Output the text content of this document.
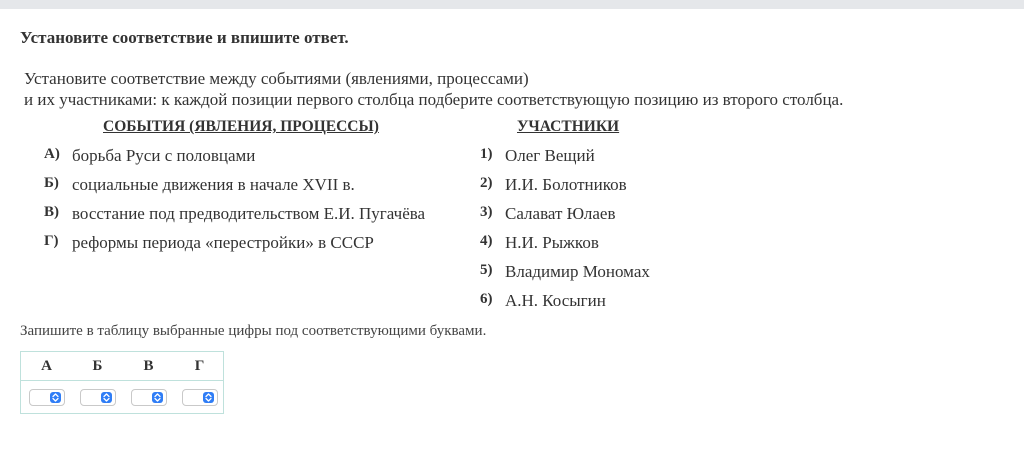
Установите соответствие и впишите ответ.
Установите соответствие между событиями (явлениями, процессами)
и их участниками: к каждой позиции первого столбца подберите соответствующую позицию из второго столбца.
СОБЫТИЯ (ЯВЛЕНИЯ, ПРОЦЕССЫ)	УЧАСТНИКИ
А) борьба Руси с половцами
Б) социальные движения в начале XVII в.
В) восстание под предводительством Е.И. Пугачёва
Г) реформы периода «перестройки» в СССР
1) Олег Вещий
2) И.И. Болотников
3) Салават Юлаев
4) Н.И. Рыжков
5) Владимир Мономах
6) А.Н. Косыгин
Запишите в таблицу выбранные цифры под соответствующими буквами.
А	Б	В	Г
